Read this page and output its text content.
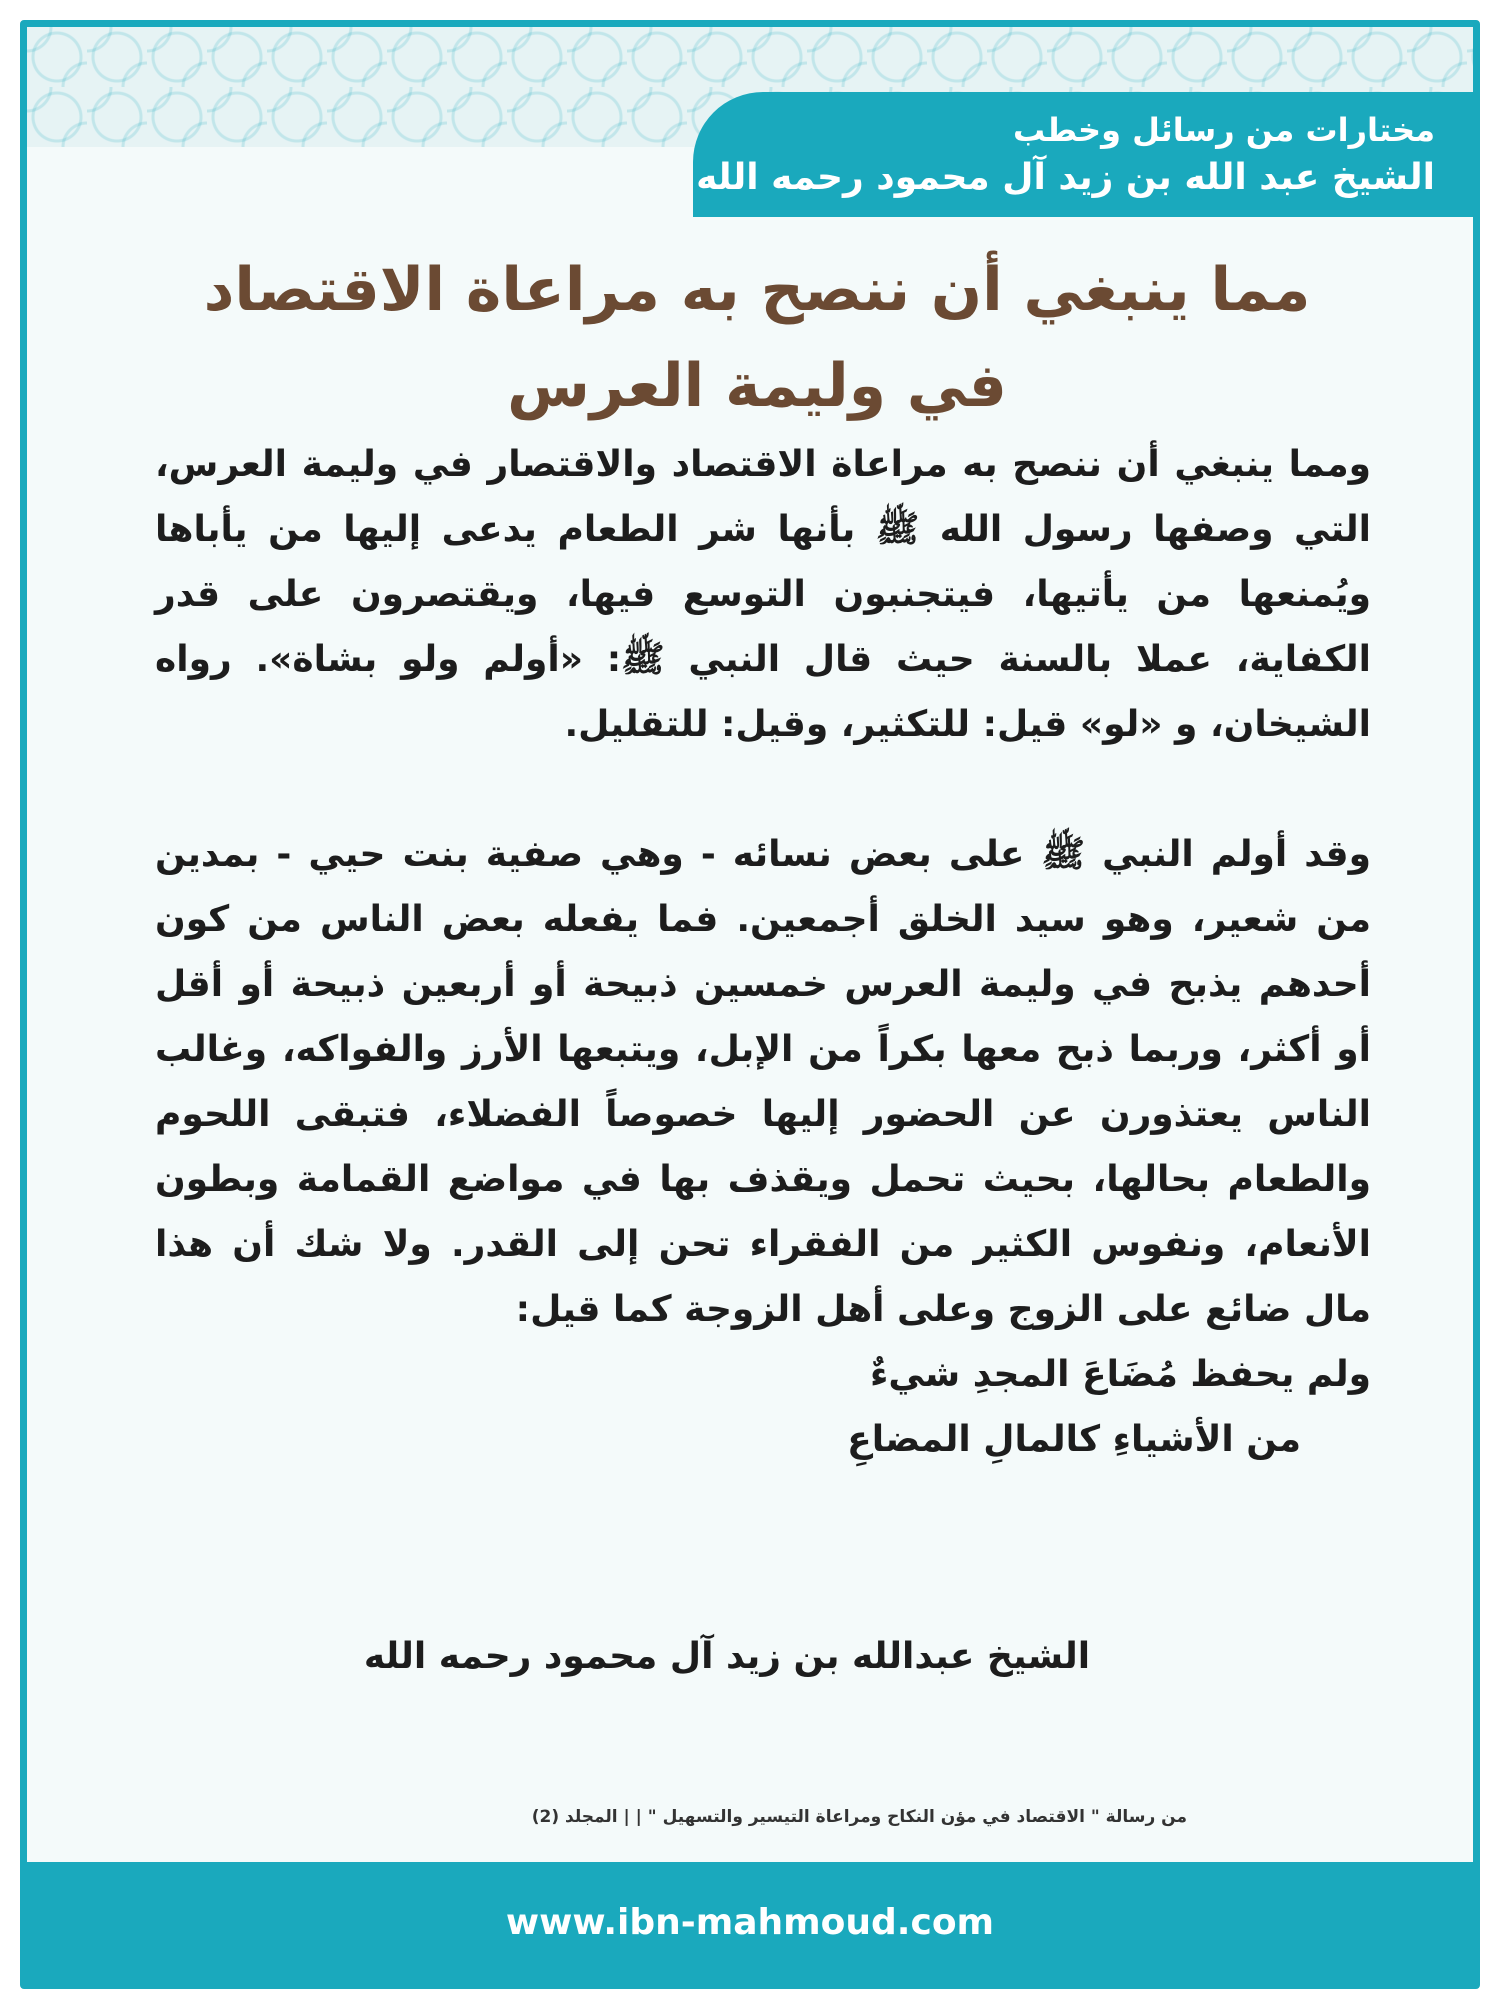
مختارات من رسائل وخطب
الشيخ عبد الله بن زيد آل محمود رحمه الله
مما ينبغي أن ننصح به مراعاة الاقتصاد في وليمة العرس

ومما ينبغي أن ننصح به مراعاة الاقتصاد والاقتصار في وليمة العرس، التي وصفها رسول الله ﷺ بأنها شر الطعام يدعى إليها من يأباها ويُمنعها من يأتيها، فيتجنبون التوسع فيها، ويقتصرون على قدر الكفاية، عملا بالسنة حيث قال النبي ﷺ: «أولم ولو بشاة». رواه الشيخان، و «لو» قيل: للتكثير، وقيل: للتقليل.

وقد أولم النبي ﷺ على بعض نسائه - وهي صفية بنت حيي - بمدين من شعير، وهو سيد الخلق أجمعين. فما يفعله بعض الناس من كون أحدهم يذبح في وليمة العرس خمسين ذبيحة أو أربعين ذبيحة أو أقل أو أكثر، وربما ذبح معها بكراً من الإبل، ويتبعها الأرز والفواكه، وغالب الناس يعتذورن عن الحضور إليها خصوصاً الفضلاء، فتبقى اللحوم والطعام بحالها، بحيث تحمل ويقذف بها في مواضع القمامة وبطون الأنعام، ونفوس الكثير من الفقراء تحن إلى القدر. ولا شك أن هذا مال ضائع على الزوج وعلى أهل الزوجة كما قيل:

ولم يحفظ مُضَاعَ المجدِ شيءٌ
من الأشياءِ كالمالِ المضاعِ
الشيخ عبدالله بن زيد آل محمود رحمه الله
من رسالة " الاقتصاد في مؤن النكاح ومراعاة التيسير والتسهيل " | | المجلد (2)
www.ibn-mahmoud.com
